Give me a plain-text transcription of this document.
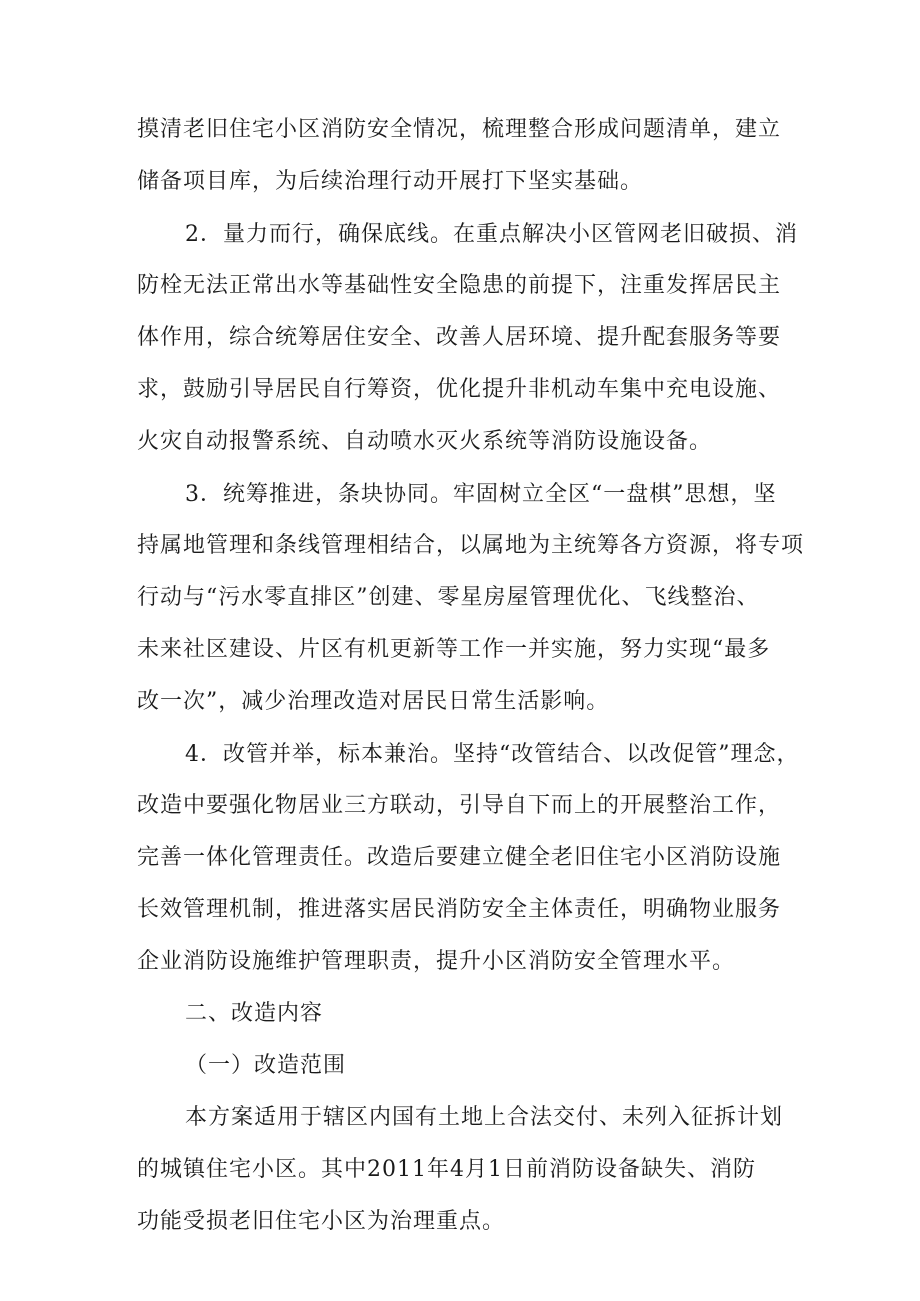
摸清老旧住宅小区消防安全情况，梳理整合形成问题清单，建立
储备项目库，为后续治理行动开展打下坚实基础。
2．量力而行，确保底线。在重点解决小区管网老旧破损、消
防栓无法正常出水等基础性安全隐患的前提下，注重发挥居民主
体作用，综合统筹居住安全、改善人居环境、提升配套服务等要
求，鼓励引导居民自行筹资，优化提升非机动车集中充电设施、
火灾自动报警系统、自动喷水灭火系统等消防设施设备。
3．统筹推进，条块协同。牢固树立全区“一盘棋”思想，坚
持属地管理和条线管理相结合，以属地为主统筹各方资源，将专项
行动与“污水零直排区”创建、零星房屋管理优化、飞线整治、
未来社区建设、片区有机更新等工作一并实施，努力实现“最多
改一次”，减少治理改造对居民日常生活影响。
4．改管并举，标本兼治。坚持“改管结合、以改促管”理念，
改造中要强化物居业三方联动，引导自下而上的开展整治工作，
完善一体化管理责任。改造后要建立健全老旧住宅小区消防设施
长效管理机制，推进落实居民消防安全主体责任，明确物业服务
企业消防设施维护管理职责，提升小区消防安全管理水平。
二、改造内容
（一）改造范围
本方案适用于辖区内国有土地上合法交付、未列入征拆计划
的城镇住宅小区。其中2011年4月1日前消防设备缺失、消防
功能受损老旧住宅小区为治理重点。
